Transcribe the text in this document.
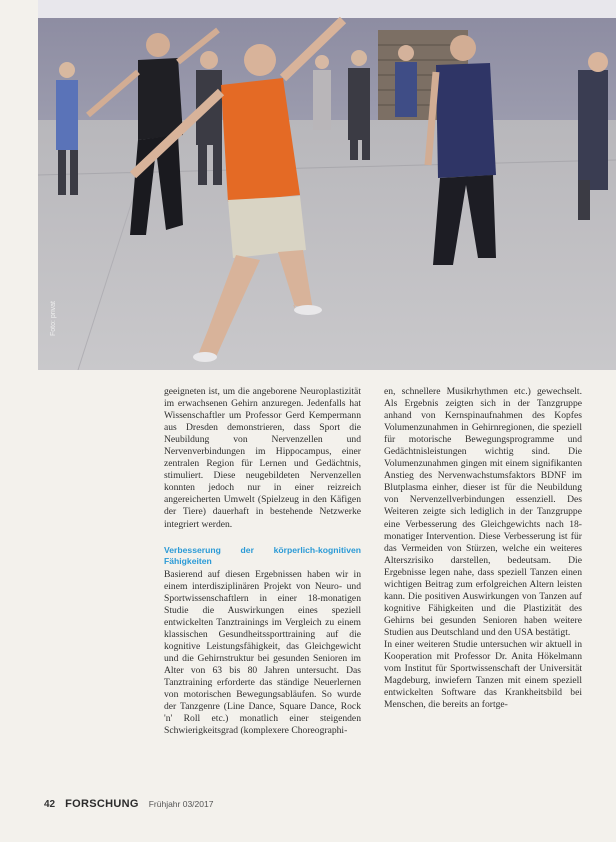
Foto: privat

geeigneten ist, um die angeborene Neuroplastizität im erwachsenen Gehirn anzuregen. Jedenfalls hat Wissenschaftler um Professor Gerd Kempermann aus Dresden demonstrieren, dass Sport die Neubildung von Nervenzellen und Nervenverbindungen im Hippocampus, einer zentralen Region für Lernen und Gedächtnis, stimuliert. Diese neugebildeten Nervenzellen konnten jedoch nur in einer reizreich angereicherten Umwelt (Spielzeug in den Käfigen der Tiere) dauerhaft in bestehende Netzwerke integriert werden.

Verbesserung der körperlich-kognitiven Fähigkeiten

Basierend auf diesen Ergebnissen haben wir in einem interdisziplinären Projekt von Neuro- und Sportwissenschaftlern in einer 18-monatigen Studie die Auswirkungen eines speziell entwickelten Tanztrainings im Vergleich zu einem klassischen Gesundheitssporttraining auf die kognitive Leistungsfähigkeit, das Gleichgewicht und die Gehirnstruktur bei gesunden Senioren im Alter von 63 bis 80 Jahren untersucht. Das Tanztraining erforderte das ständige Neuerlernen von motorischen Bewegungsabläufen. So wurde der Tanzgenre (Line Dance, Square Dance, Rock 'n' Roll etc.) monatlich einer steigenden Schwierigkeitsgrad (komplexere Choreographi-

en, schnellere Musikrhythmen etc.) gewechselt. Als Ergebnis zeigten sich in der Tanzgruppe anhand von Kernspinaufnahmen des Kopfes Volumenzunahmen in Gehirnregionen, die speziell für motorische Bewegungsprogramme und Gedächtnisleistungen wichtig sind. Die Volumenzunahmen gingen mit einem signifikanten Anstieg des Nervenwachstumsfaktors BDNF im Blutplasma einher, dieser ist für die Neubildung von Nervenzellverbindungen essenziell. Des Weiteren zeigte sich lediglich in der Tanzgruppe eine Verbesserung des Gleichgewichts nach 18-monatiger Intervention. Diese Verbesserung ist für das Vermeiden von Stürzen, welche ein weiteres Alterszrisiko darstellen, bedeutsam. Die Ergebnisse legen nahe, dass speziell Tanzen einen wichtigen Beitrag zum erfolgreichen Altern leisten kann. Die positiven Auswirkungen von Tanzen auf kognitive Fähigkeiten und die Plastizität des Gehirns bei gesunden Senioren haben weitere Studien aus Deutschland und den USA bestätigt.

In einer weiteren Studie untersuchen wir aktuell in Kooperation mit Professor Dr. Anita Hökelmann vom Institut für Sportwissenschaft der Universität Magdeburg, inwiefern Tanzen mit einem speziell entwickelten Software das Krankheitsbild bei Menschen, die bereits an fortge-

42 FORSCHUNG Frühjahr 03/2017
